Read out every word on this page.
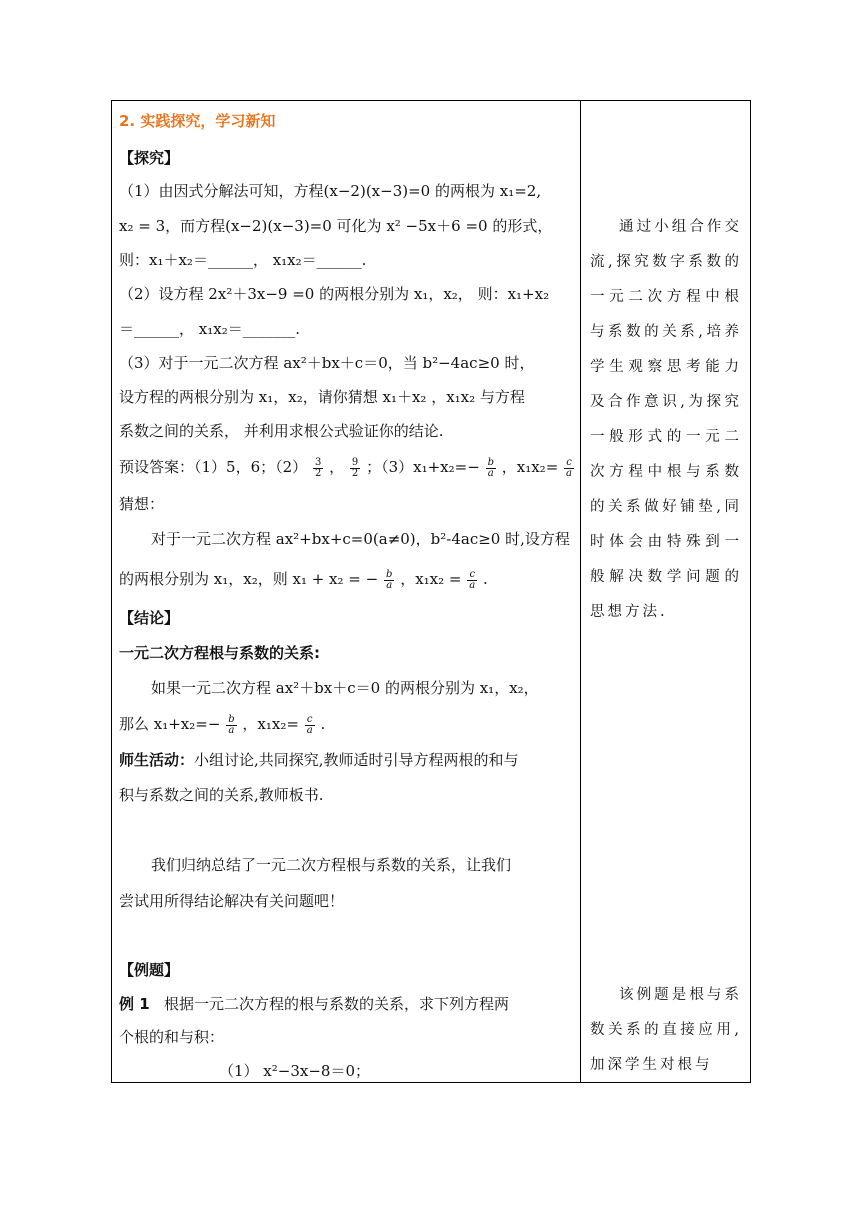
2. 实践探究，学习新知
【探究】
（1）由因式分解法可知，方程(x−2)(x−3)=0 的两根为 x₁=2,
x₂ = 3，而方程(x−2)(x−3)=0 可化为 x² −5x＋6 =0 的形式，
则：x₁＋x₂＝______， x₁x₂＝______.
（2）设方程 2x²＋3x−9 =0 的两根分别为 x₁，x₂， 则：x₁+x₂
＝______， x₁x₂＝_______.
（3）对于一元二次方程 ax²＋bx＋c＝0，当 b²−4ac≥0 时，
设方程的两根分别为 x₁，x₂，请你猜想 x₁＋x₂ ，x₁x₂ 与方程
系数之间的关系， 并利用求根公式验证你的结论.
预设答案：（1）5，6；$(2) \frac{3}{2}$ ， $\frac{9}{2}$ ；$(3)x_1+x_2=- \frac{b}{a}$ ，$x_1x_2= \frac{c}{a}$
猜想：
对于一元二次方程 ax²+bx+c=0(a≠0)，b²-4ac≥0 时,设方程
的两根分别为 x₁，x₂，则 x₁ + x₂ = − $\frac{b}{a}$ ，$x_1x_2 = \frac{c}{a}$ .
【结论】
一元二次方程根与系数的关系:
如果一元二次方程 ax²＋bx＋c＝0 的两根分别为 x₁，x₂，
那么 $x_1+x_2=- \frac{b}{a}$ ，$x_1x_2= \frac{c}{a}$ .
师生活动：小组讨论,共同探究,教师适时引导方程两根的和与
积与系数之间的关系,教师板书.
我们归纳总结了一元二次方程根与系数的关系，让我们
尝试用所得结论解决有关问题吧！
【例题】
例 1 根据一元二次方程的根与系数的关系，求下列方程两
个根的和与积：
（1） x²−3x−8＝0；

通过小组合作交流,探究数字系数的一元二次方程中根与系数的关系,培养学生观察思考能力及合作意识,为探究一般形式的一元二次方程中根与系数的关系做好铺垫,同时体会由特殊到一般解决数学问题的思想方法.

该例题是根与系数关系的直接应用,加深学生对根与
